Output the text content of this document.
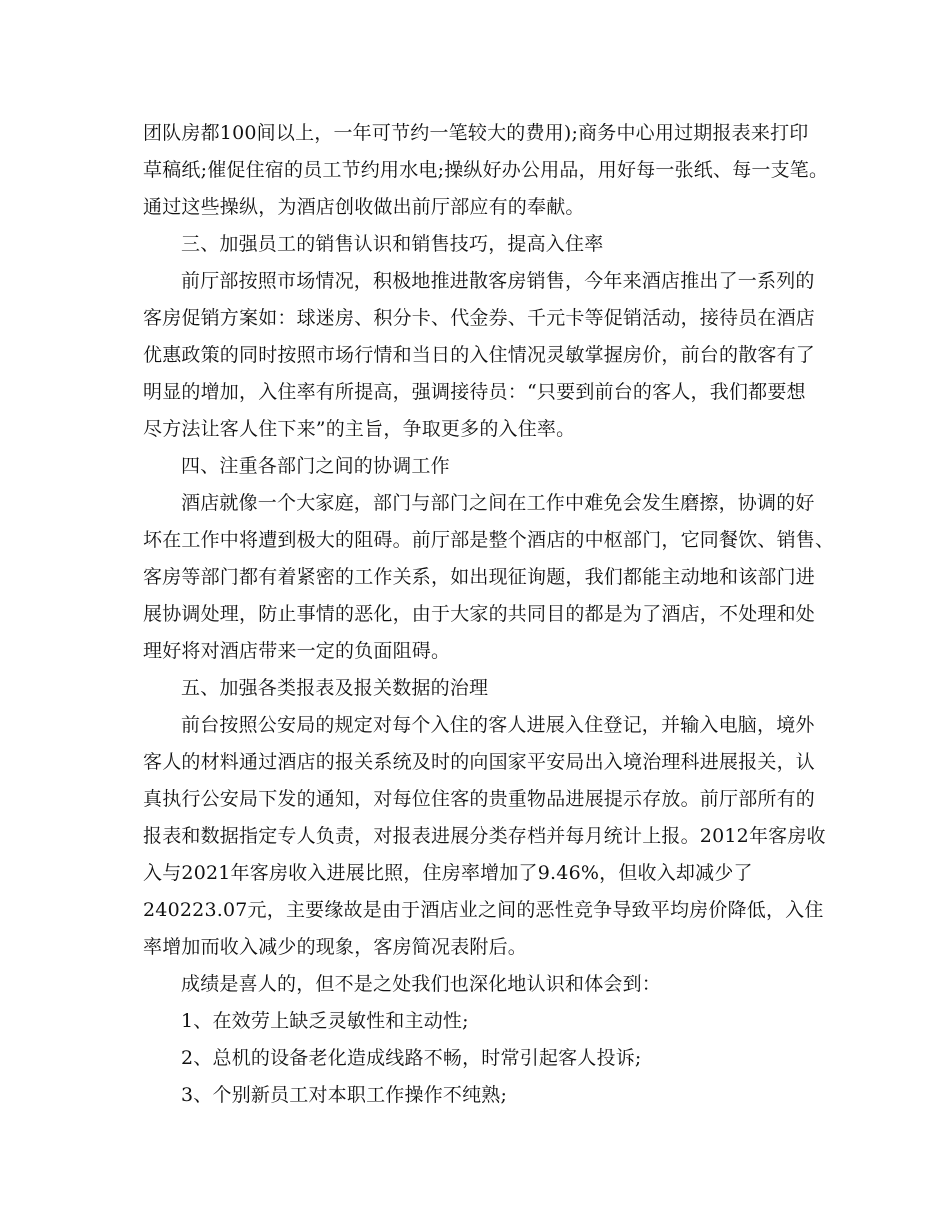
团队房都100间以上，一年可节约一笔较大的费用);商务中心用过期报表来打印
草稿纸;催促住宿的员工节约用水电;操纵好办公用品，用好每一张纸、每一支笔。
通过这些操纵，为酒店创收做出前厅部应有的奉献。
三、加强员工的销售认识和销售技巧，提高入住率
前厅部按照市场情况，积极地推进散客房销售，今年来酒店推出了一系列的
客房促销方案如：球迷房、积分卡、代金券、千元卡等促销活动，接待员在酒店
优惠政策的同时按照市场行情和当日的入住情况灵敏掌握房价，前台的散客有了
明显的增加，入住率有所提高，强调接待员：“只要到前台的客人，我们都要想
尽方法让客人住下来”的主旨，争取更多的入住率。
四、注重各部门之间的协调工作
酒店就像一个大家庭，部门与部门之间在工作中难免会发生磨擦，协调的好
坏在工作中将遭到极大的阻碍。前厅部是整个酒店的中枢部门，它同餐饮、销售、
客房等部门都有着紧密的工作关系，如出现征询题，我们都能主动地和该部门进
展协调处理，防止事情的恶化，由于大家的共同目的都是为了酒店，不处理和处
理好将对酒店带来一定的负面阻碍。
五、加强各类报表及报关数据的治理
前台按照公安局的规定对每个入住的客人进展入住登记，并输入电脑，境外
客人的材料通过酒店的报关系统及时的向国家平安局出入境治理科进展报关，认
真执行公安局下发的通知，对每位住客的贵重物品进展提示存放。前厅部所有的
报表和数据指定专人负责，对报表进展分类存档并每月统计上报。2012年客房收
入与2021年客房收入进展比照，住房率增加了9.46%，但收入却减少了
240223.07元，主要缘故是由于酒店业之间的恶性竞争导致平均房价降低，入住
率增加而收入减少的现象，客房简况表附后。
成绩是喜人的，但不是之处我们也深化地认识和体会到：
1、在效劳上缺乏灵敏性和主动性;
2、总机的设备老化造成线路不畅，时常引起客人投诉;
3、个别新员工对本职工作操作不纯熟;
